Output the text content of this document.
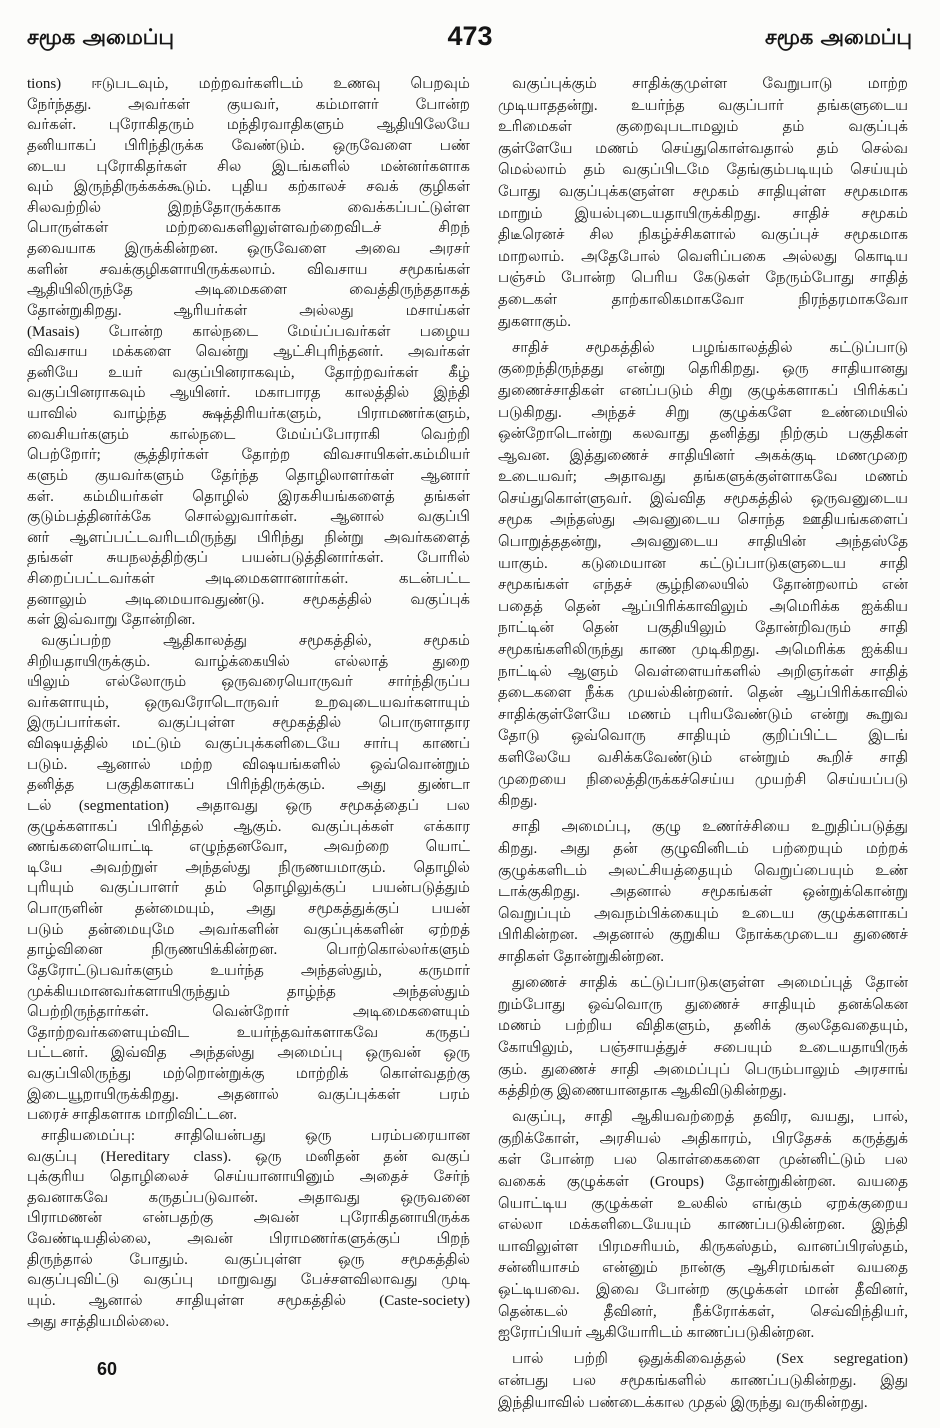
சமூக அமைப்பு	473	சமூக அமைப்பு
tions) ஈடுபடவும், மற்றவர்களிடம் உணவு பெறவும்
நேர்ந்தது. அவர்கள் குயவர், கம்மாளர் போன்ற
வர்கள். புரோகிதரும் மந்திரவாதிகளும் ஆதியிலேயே
தனியாகப் பிரிந்திருக்க வேண்டும். ஒருவேளை பண்
டைய புரோகிதர்கள் சில இடங்களில் மன்னர்களாக
வும் இருந்திருக்கக்கூடும். புதிய கற்காலச் சவக் குழிகள்
சிலவற்றில் இறந்தோருக்காக வைக்கப்பட்டுள்ள
பொருள்கள் மற்றவைகளிலுள்ளவற்றைவிடச் சிறந்
தவையாக இருக்கின்றன. ஒருவேளை அவை அரசர்
களின் சவக்குழிகளாயிருக்கலாம். விவசாய சமூகங்கள்
ஆதியிலிருந்தே அடிமைகளை வைத்திருந்ததாகத்
தோன்றுகிறது. ஆரியர்கள் அல்லது மசாய்கள்
(Masais) போன்ற கால்நடை மேய்ப்பவர்கள் பழைய
விவசாய மக்களை வென்று ஆட்சிபுரிந்தனர். அவர்கள்
தனியே உயர் வகுப்பினராகவும், தோற்றவர்கள் கீழ்
வகுப்பினராகவும் ஆயினர். மகாபாரத காலத்தில் இந்தி
யாவில் வாழ்ந்த க்ஷத்திரியர்களும், பிராமணர்களும்,
வைசியர்களும் கால்நடை மேய்ப்போராகி வெற்றி
பெற்றோர்; சூத்திரர்கள் தோற்ற விவசாயிகள்.கம்மியர்
களும் குயவர்களும் தேர்ந்த தொழிலாளர்கள் ஆனார்
கள். கம்மியர்கள் தொழில் இரகசியங்களைத் தங்கள்
குடும்பத்தினர்க்கே சொல்லுவார்கள். ஆனால் வகுப்பி
னர் ஆளப்பட்டவரிடமிருந்து பிரிந்து நின்று அவர்களைத்
தங்கள் சுயநலத்திற்குப் பயன்படுத்தினார்கள். போரில்
சிறைப்பட்டவர்கள் அடிமைகளானார்கள். கடன்பட்ட
தனாலும் அடிமையாவதுண்டு. சமூகத்தில் வகுப்புக்
கள் இவ்வாறு தோன்றின.
வகுப்பற்ற ஆதிகாலத்து சமூகத்தில், சமூகம்
சிறியதாயிருக்கும். வாழ்க்கையில் எல்லாத் துறை
யிலும் எல்லோரும் ஒருவரையொருவர் சார்ந்திருப்ப
வர்களாயும், ஒருவரோடொருவர் உறவுடையவர்களாயும்
இருப்பார்கள். வகுப்புள்ள சமூகத்தில் பொருளாதார
விஷயத்தில் மட்டும் வகுப்புக்களிடையே சார்பு காணப்
படும். ஆனால் மற்ற விஷயங்களில் ஒவ்வொன்றும்
தனித்த பகுதிகளாகப் பிரிந்திருக்கும். அது துண்டா
டல் (segmentation) அதாவது ஒரு சமூகத்தைப் பல
குழுக்களாகப் பிரித்தல் ஆகும். வகுப்புக்கள் எக்கார
ணங்களையொட்டி எழுந்தனவோ, அவற்றை யொட்
டியே அவற்றுள் அந்தஸ்து நிருணயமாகும். தொழில்
புரியும் வகுப்பாளர் தம் தொழிலுக்குப் பயன்படுத்தும்
பொருளின் தன்மையும், அது சமூகத்துக்குப் பயன்
படும் தன்மையுமே அவர்களின் வகுப்புக்களின் ஏற்றத்
தாழ்வினை நிருணயிக்கின்றன. பொற்கொல்லர்களும்
தேரோட்டுபவர்களும் உயர்ந்த அந்தஸ்தும், கருமார்
முக்கியமானவர்களாயிருந்தும் தாழ்ந்த அந்தஸ்தும்
பெற்றிருந்தார்கள். வென்றோர் அடிமைகளையும்
தோற்றவர்களையும்விட உயர்ந்தவர்களாகவே கருதப்
பட்டனர். இவ்வித அந்தஸ்து அமைப்பு ஒருவன் ஒரு
வகுப்பிலிருந்து மற்றொன்றுக்கு மாற்றிக் கொள்வதற்கு
இடையூறாயிருக்கிறது. அதனால் வகுப்புக்கள் பரம்
பரைச் சாதிகளாக மாறிவிட்டன.
சாதியமைப்பு: சாதியென்பது ஒரு பரம்பரையான
வகுப்பு (Hereditary class). ஒரு மனிதன் தன் வகுப்
புக்குரிய தொழிலைச் செய்யானாயினும் அதைச் சேர்ந்
தவனாகவே கருதப்படுவான். அதாவது ஒருவனை
பிராமணன் என்பதற்கு அவன் புரோகிதனாயிருக்க
வேண்டியதில்லை, அவன் பிராமணர்களுக்குப் பிறந்
திருந்தால் போதும். வகுப்புள்ள ஒரு சமூகத்தில்
வகுப்புவிட்டு வகுப்பு மாறுவது பேச்சளவிலாவது முடி
யும். ஆனால் சாதியுள்ள சமூகத்தில் (Caste-society)
அது சாத்தியமில்லை.
வகுப்புக்கும் சாதிக்குமுள்ள வேறுபாடு மாற்ற
முடியாததன்று. உயர்ந்த வகுப்பார் தங்களுடைய
உரிமைகள் குறைவுபடாமலும் தம் வகுப்புக்
குள்ளேயே மணம் செய்துகொள்வதால் தம் செல்வ
மெல்லாம் தம் வகுப்பிடமே தேங்கும்படியும் செய்யும்
போது வகுப்புக்களுள்ள சமூகம் சாதியுள்ள சமூகமாக
மாறும் இயல்புடையதாயிருக்கிறது. சாதிச் சமூகம்
திடீரெனச் சில நிகழ்ச்சிகளால் வகுப்புச் சமூகமாக
மாறலாம். அதேபோல் வெளிப்பகை அல்லது கொடிய
பஞ்சம் போன்ற பெரிய கேடுகள் நேரும்போது சாதித்
தடைகள் தாற்காலிகமாகவோ நிரந்தரமாகவோ
துகளாகும்.
சாதிச் சமூகத்தில் பழங்காலத்தில் கட்டுப்பாடு
குறைந்திருந்தது என்று தெரிகிறது. ஒரு சாதியானது
துணைச்சாதிகள் எனப்படும் சிறு குழுக்களாகப் பிரிக்கப்
படுகிறது. அந்தச் சிறு குழுக்களே உண்மையில்
ஒன்றோடொன்று கலவாது தனித்து நிற்கும் பகுதிகள்
ஆவன. இத்துணைச் சாதியினர் அகக்குடி மணமுறை
உடையவர்; அதாவது தங்களுக்குள்ளாகவே மணம்
செய்துகொள்ளுவர். இவ்வித சமூகத்தில் ஒருவனுடைய
சமூக அந்தஸ்து அவனுடைய சொந்த ஊதியங்களைப்
பொறுத்ததன்று, அவனுடைய சாதியின் அந்தஸ்தே
யாகும். கடுமையான கட்டுப்பாடுகளுடைய சாதி
சமூகங்கள் எந்தச் சூழ்நிலையில் தோன்றலாம் என்
பதைத் தென் ஆப்பிரிக்காவிலும் அமெரிக்க ஐக்கிய
நாட்டின் தென் பகுதியிலும் தோன்றிவரும் சாதி
சமூகங்களிலிருந்து காண முடிகிறது. அமெரிக்க ஐக்கிய
நாட்டில் ஆளும் வெள்ளையர்களில் அறிஞர்கள் சாதித்
தடைகளை நீக்க முயல்கின்றனர். தென் ஆப்பிரிக்காவில்
சாதிக்குள்ளேயே மணம் புரியவேண்டும் என்று கூறுவ
தோடு ஒவ்வொரு சாதியும் குறிப்பிட்ட இடங்
களிலேயே வசிக்கவேண்டும் என்றும் கூறிச் சாதி
முறையை நிலைத்திருக்கச்செய்ய முயற்சி செய்யப்படு
கிறது.
சாதி அமைப்பு, குழு உணர்ச்சியை உறுதிப்படுத்து
கிறது. அது தன் குழுவினிடம் பற்றையும் மற்றக்
குழுக்களிடம் அலட்சியத்தையும் வெறுப்பையும் உண்
டாக்குகிறது. அதனால் சமூகங்கள் ஒன்றுக்கொன்று
வெறுப்பும் அவநம்பிக்கையும் உடைய குழுக்களாகப்
பிரிகின்றன. அதனால் குறுகிய நோக்கமுடைய துணைச்
சாதிகள் தோன்றுகின்றன.
துணைச் சாதிக் கட்டுப்பாடுகளுள்ள அமைப்புத் தோன்
றும்போது ஒவ்வொரு துணைச் சாதியும் தனக்கென
மணம் பற்றிய விதிகளும், தனிக் குலதேவதையும்,
கோயிலும், பஞ்சாயத்துச் சபையும் உடையதாயிருக்
கும். துணைச் சாதி அமைப்புப் பெரும்பாலும் அரசாங்
கத்திற்கு இணையானதாக ஆகிவிடுகின்றது.
வகுப்பு, சாதி ஆகியவற்றைத் தவிர, வயது, பால்,
குறிக்கோள், அரசியல் அதிகாரம், பிரதேசக் கருத்துக்
கள் போன்ற பல கொள்கைகளை முன்னிட்டும் பல
வகைக் குழுக்கள் (Groups) தோன்றுகின்றன. வயதை
யொட்டிய குழுக்கள் உலகில் எங்கும் ஏறக்குறைய
எல்லா மக்களிடையேயும் காணப்படுகின்றன. இந்தி
யாவிலுள்ள பிரமசரியம், கிருகஸ்தம், வானப்பிரஸ்தம்,
சன்னியாசம் என்னும் நான்கு ஆசிரமங்கள் வயதை
ஒட்டியவை. இவை போன்ற குழுக்கள் மான் தீவினர்,
தென்கடல் தீவினர், நீக்ரோக்கள், செவ்விந்தியர்,
ஐரோப்பியர் ஆகியோரிடம் காணப்படுகின்றன.
பால் பற்றி ஒதுக்கிவைத்தல் (Sex segregation)
என்பது பல சமூகங்களில் காணப்படுகின்றது. இது
இந்தியாவில் பண்டைக்கால முதல் இருந்து வருகின்றது.
60
